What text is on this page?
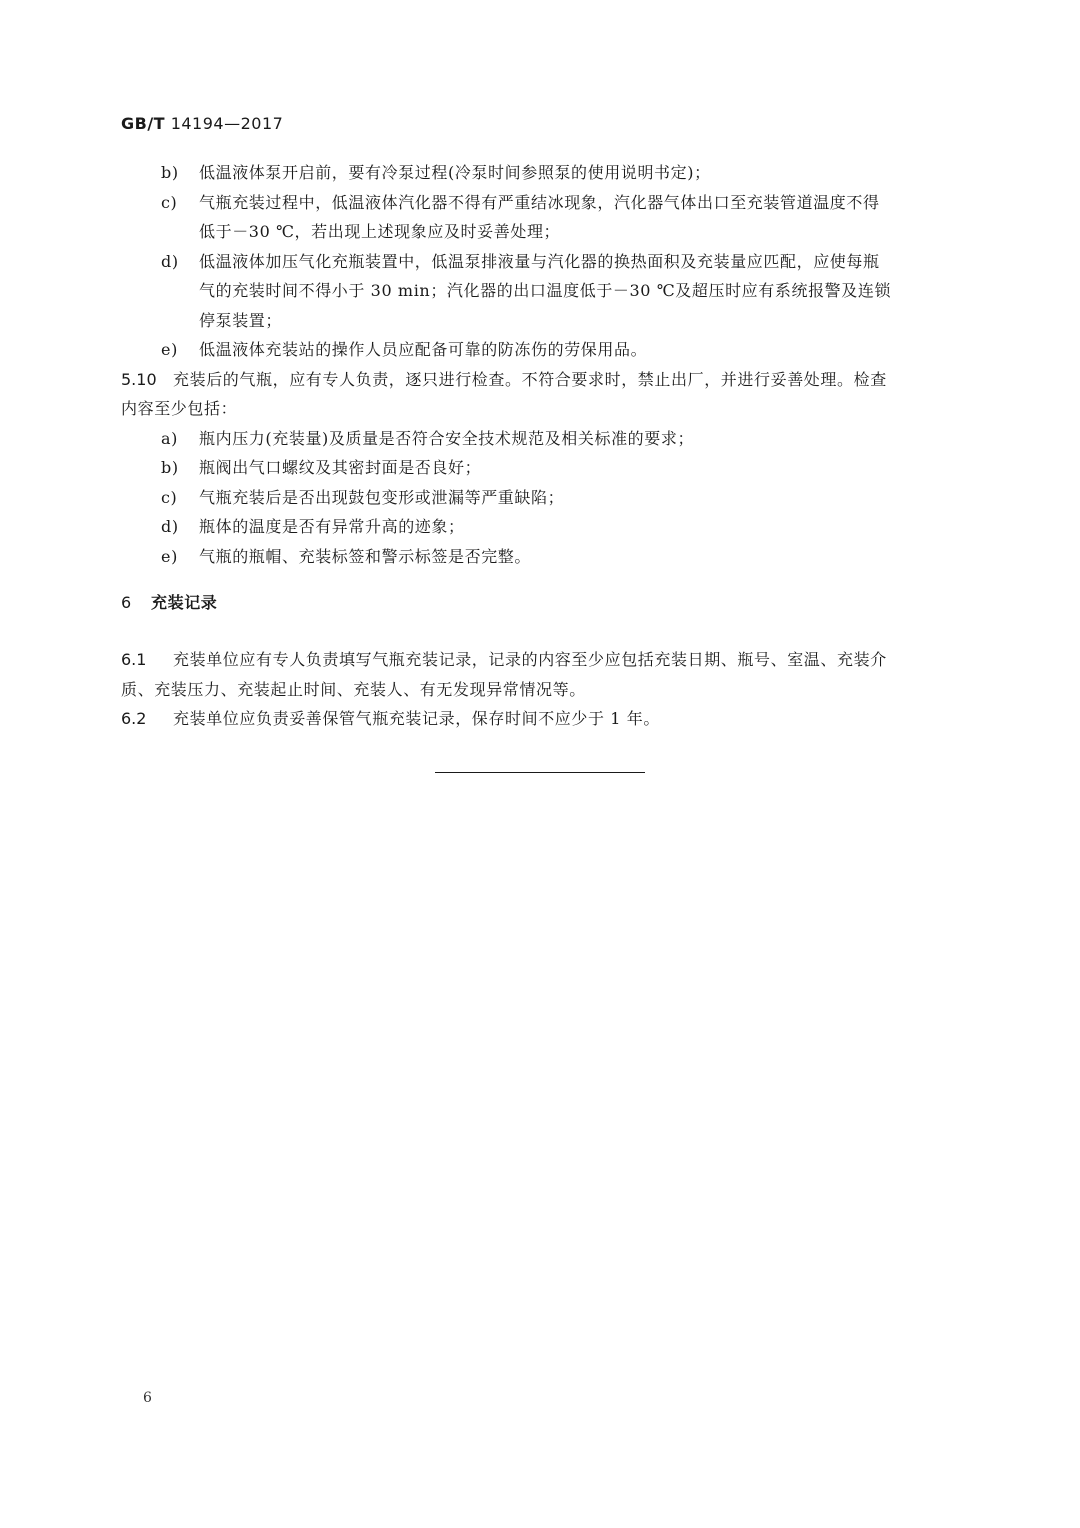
GB/T 14194—2017
b) 低温液体泵开启前，要有冷泵过程(冷泵时间参照泵的使用说明书定)；
c) 气瓶充装过程中，低温液体汽化器不得有严重结冰现象，汽化器气体出口至充装管道温度不得
低于－30 ℃，若出现上述现象应及时妥善处理；
d) 低温液体加压气化充瓶装置中，低温泵排液量与汽化器的换热面积及充装量应匹配，应使每瓶
气的充装时间不得小于 30 min；汽化器的出口温度低于－30 ℃及超压时应有系统报警及连锁
停泵装置；
e) 低温液体充装站的操作人员应配备可靠的防冻伤的劳保用品。
5.10 充装后的气瓶，应有专人负责，逐只进行检查。不符合要求时，禁止出厂，并进行妥善处理。检查
内容至少包括：
a) 瓶内压力(充装量)及质量是否符合安全技术规范及相关标准的要求；
b) 瓶阀出气口螺纹及其密封面是否良好；
c) 气瓶充装后是否出现鼓包变形或泄漏等严重缺陷；
d) 瓶体的温度是否有异常升高的迹象；
e) 气瓶的瓶帽、充装标签和警示标签是否完整。
6 充装记录
6.1 充装单位应有专人负责填写气瓶充装记录，记录的内容至少应包括充装日期、瓶号、室温、充装介
质、充装压力、充装起止时间、充装人、有无发现异常情况等。
6.2 充装单位应负责妥善保管气瓶充装记录，保存时间不应少于 1 年。
6
